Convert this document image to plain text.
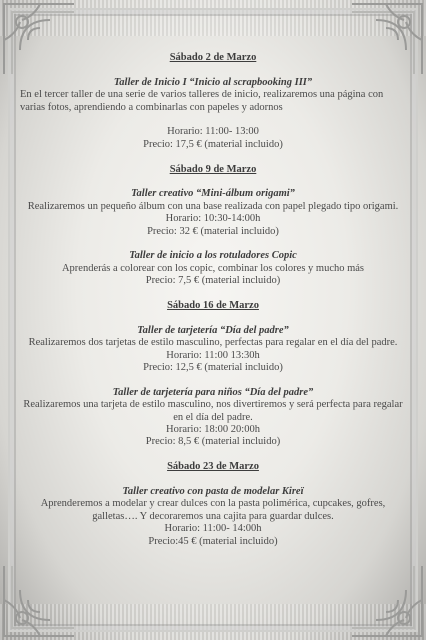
Sábado 2 de Marzo

Taller de Inicio I “Inicio al scrapbooking III”

En el tercer taller de una serie de varios talleres de inicio, realizaremos una página con varias fotos, aprendiendo a combinarlas con papeles y adornos

Horario: 11:00- 13:00

Precio: 17,5 € (material incluido)

Sábado 9 de Marzo

Taller creativo “Mini-álbum origami”

Realizaremos un pequeño álbum con una base realizada con papel plegado tipo origami.

Horario: 10:30-14:00h

Precio: 32 € (material incluido)

Taller de inicio a los rotuladores Copic

Aprenderás a colorear con los copic, combinar los colores y mucho más

Precio: 7,5 € (material incluido)

Sábado 16 de Marzo

Taller de tarjetería “Día del padre”

Realizaremos dos tarjetas de estilo masculino, perfectas para regalar en el día del padre.

Horario: 11:00 13:30h

Precio: 12,5 € (material incluido)

Taller de tarjetería para niños “Día del padre”

Realizaremos una tarjeta de estilo masculino, nos divertiremos y será perfecta para regalar en el día del padre.

Horario: 18:00 20:00h

Precio: 8,5 € (material incluido)

Sábado 23 de Marzo

Taller creativo con pasta de modelar Kireï

Aprenderemos a modelar y crear dulces con la pasta polimérica, cupcakes, gofres, galletas…. Y decoraremos una cajita para guardar dulces.

Horario: 11:00- 14:00h

Precio:45 € (material incluido)
